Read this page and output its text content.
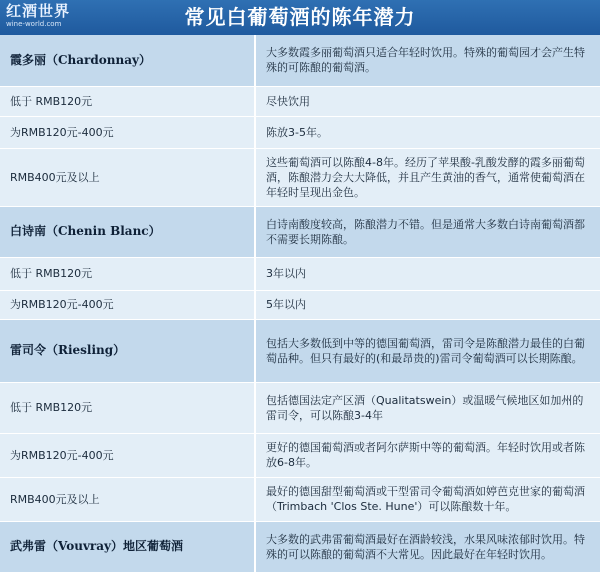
红酒世界
wine-world.com	常见白葡萄酒的陈年潜力
霞多丽（Chardonnay）	大多数霞多丽葡萄酒只适合年轻时饮用。特殊的葡萄园才会产生特殊的可陈酿的葡萄酒。
低于 RMB120元	尽快饮用
为RMB120元-400元	陈放3-5年。
RMB400元及以上	这些葡萄酒可以陈酿4-8年。经历了苹果酸-乳酸发酵的霞多丽葡萄酒，陈酿潜力会大大降低，并且产生黄油的香气，通常使葡萄酒在年轻时呈现出金色。
白诗南（Chenin Blanc）	白诗南酸度较高，陈酿潜力不错。但是通常大多数白诗南葡萄酒都不需要长期陈酿。
低于 RMB120元	3年以内
为RMB120元-400元	5年以内
雷司令（Riesling）	包括大多数低到中等的德国葡萄酒，雷司令是陈酿潜力最佳的白葡萄品种。但只有最好的(和最昂贵的)雷司令葡萄酒可以长期陈酿。
低于 RMB120元	包括德国法定产区酒（Qualitatswein）或温暖气候地区如加州的雷司令，可以陈酿3-4年
为RMB120元-400元	更好的德国葡萄酒或者阿尔萨斯中等的葡萄酒。年轻时饮用或者陈放6-8年。
RMB400元及以上	最好的德国甜型葡萄酒或干型雷司令葡萄酒如婷芭克世家的葡萄酒（Trimbach 'Clos Ste. Hune'）可以陈酿数十年。
武弗雷（Vouvray）地区葡萄酒	大多数的武弗雷葡萄酒最好在酒龄较浅，水果风味浓郁时饮用。特殊的可以陈酿的葡萄酒不大常见。因此最好在年轻时饮用。
